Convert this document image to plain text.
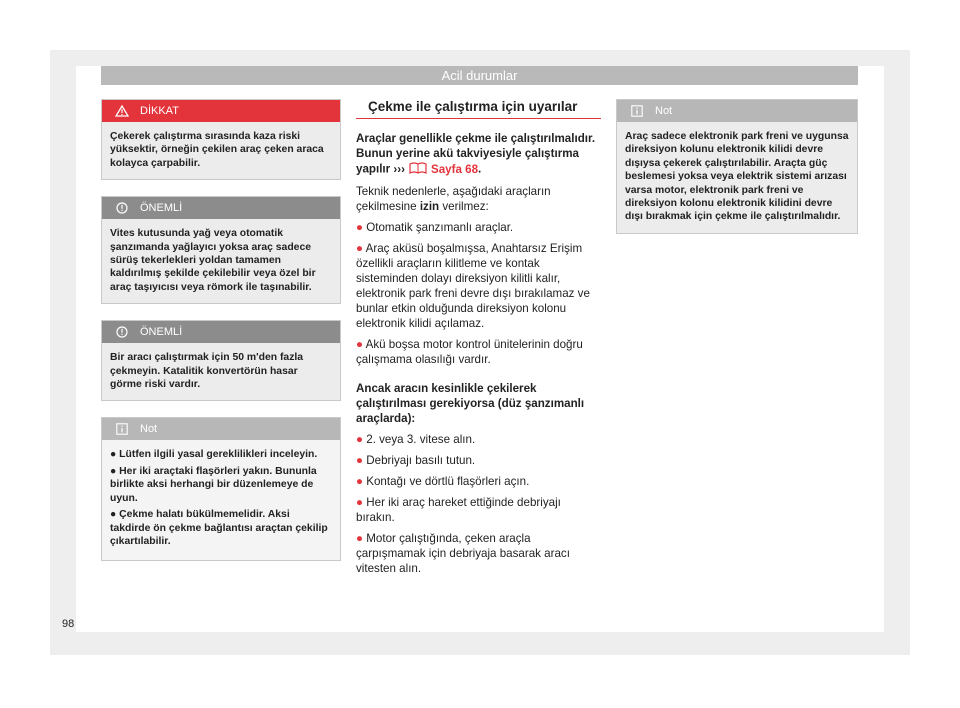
Acil durumlar
DİKKAT
Çekerek çalıştırma sırasında kaza riski yüksektir, örneğin çekilen araç çeken araca kolayca çarpabilir.
ÖNEMLİ
Vites kutusunda yağ veya otomatik şanzımanda yağlayıcı yoksa araç sadece sürüş tekerlekleri yoldan tamamen kaldırılmış şekilde çekilebilir veya özel bir araç taşıyıcısı veya römork ile taşınabilir.
ÖNEMLİ
Bir aracı çalıştırmak için 50 m'den fazla çekmeyin. Katalitik konvertörün hasar görme riski vardır.
Not
● Lütfen ilgili yasal gereklilikleri inceleyin.
● Her iki araçtaki flaşörleri yakın. Bununla birlikte aksi herhangi bir düzenlemeye de uyun.
● Çekme halatı bükülmemelidir. Aksi takdirde ön çekme bağlantısı araçtan çekilip çıkartılabilir.
Çekme ile çalıştırma için uyarılar
Araçlar genellikle çekme ile çalıştırılmalıdır. Bunun yerine akü takviyesiyle çalıştırma yapılır ››› Sayfa 68.
Teknik nedenlerle, aşağıdaki araçların çekilmesine izin verilmez:
● Otomatik şanzımanlı araçlar.
● Araç aküsü boşalmışsa, Anahtarsız Erişim özellikli araçların kilitleme ve kontak sisteminden dolayı direksiyon kilitli kalır, elektronik park freni devre dışı bırakılamaz ve bunlar etkin olduğunda direksiyon kolonu elektronik kilidi açılamaz.
● Akü boşsa motor kontrol ünitelerinin doğru çalışmama olasılığı vardır.
Ancak aracın kesinlikle çekilerek çalıştırılması gerekiyorsa (düz şanzımanlı araçlarda):
● 2. veya 3. vitese alın.
● Debriyajı basılı tutun.
● Kontağı ve dörtlü flaşörleri açın.
● Her iki araç hareket ettiğinde debriyajı bırakın.
● Motor çalıştığında, çeken araçla çarpışmamak için debriyaja basarak aracı vitesten alın.
Not
Araç sadece elektronik park freni ve uygunsa direksiyon kolunu elektronik kilidi devre dışıysa çekerek çalıştırılabilir. Araçta güç beslemesi yoksa veya elektrik sistemi arızası varsa motor, elektronik park freni ve direksiyon kolonu elektronik kilidini devre dışı bırakmak için çekme ile çalıştırılmalıdır.
98
